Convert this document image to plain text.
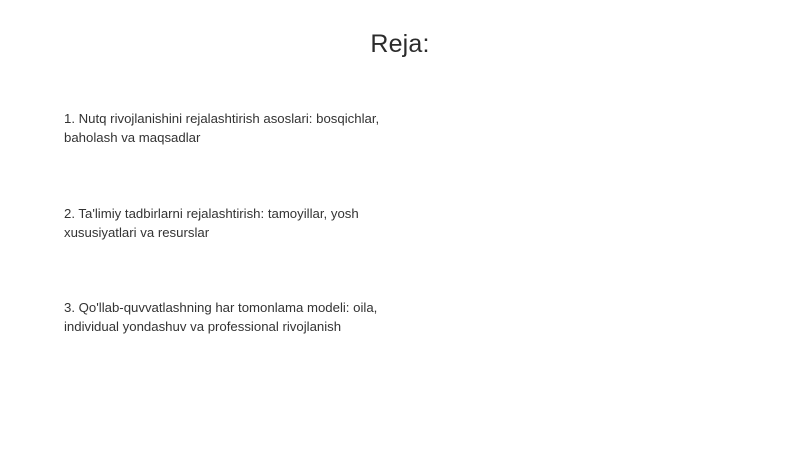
Reja:
1. Nutq rivojlanishini rejalashtirish asoslari: bosqichlar,
baholash va maqsadlar
2. Ta'limiy tadbirlarni rejalashtirish: tamoyillar, yosh
xususiyatlari va resurslar
3. Qo'llab-quvvatlashning har tomonlama modeli: oila,
individual yondashuv va professional rivojlanish
